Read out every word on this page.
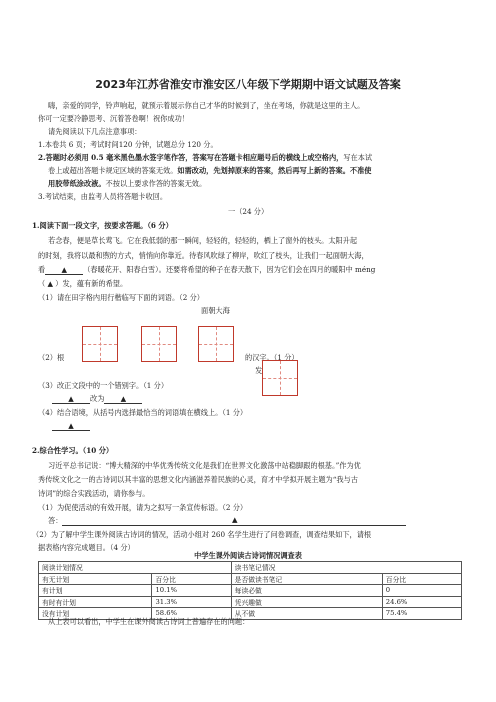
2023年江苏省淮安市淮安区八年级下学期期中语文试题及答案
嗨，亲爱的同学，铃声响起，就预示着展示你自己才华的时候到了，坐在考场，你就是这里的主人。
你可一定要冷静思考、沉着答卷啊！祝你成功！
请先阅读以下几点注意事项：
1.本卷共 6 页；考试时间120 分钟，试题总分 120 分。
2.答题时必须用 0.5 毫米黑色墨水签字笔作答，答案写在答题卡相应题号后的横线上或空格内，写在本试
卷上或超出答题卡规定区域的答案无效。如需改动，先划掉原来的答案，然后再写上新的答案。不准使
用胶带纸涂改液。不按以上要求作答的答案无效。
3.考试结束，由监考人员将答题卡收回。
一（24 分）
1.阅读下面一段文字，按要求答题。（6 分）
若念春，便是草长莺飞。它在我低弱的那一瞬间，轻轻的，轻轻的，栖上了窗外的枝头。太阳升起
的时刻，我将以最和煦的方式，悄悄向你靠近。待春风吹绿了柳岸，吹红了枝头，让我们一起面朝大海，
看 ▲ （春暖花开、阳春白雪）。还要将希望的种子在春天散下，因为它们会在四月的暖阳中 méng
（ ▲ ）发，蕴有新的希望。
（1）请在田字格内用行楷临写下面的词语。（2 分）
面朝大海
（2）根	的汉字。（1 分）
发
（3）改正文段中的一个错别字。（1 分）
▲ 改为 ▲
（4）结合语境，从括号内选择最恰当的词语填在横线上。（1 分）
▲
2.综合性学习。（10 分）
习近平总书记说：“博大精深的中华优秀传统文化是我们在世界文化激荡中站稳脚跟的根基。”作为优
秀传统文化之一的古诗词以其丰富的思想文化内涵滋养着民族的心灵，育才中学拟开展主题为“我与古
诗词”的综合实践活动，请你参与。
（1）为促使活动的有效开展，请为之拟写一条宣传标语。（2 分）
答：	▲
（2）为了解中学生课外阅读古诗词的情况，活动小组对 260 名学生进行了问卷调查，调查结果如下，请根
据表格内容完成题目。（4 分）
中学生课外阅读古诗词情况调查表
阅读计划情况		读书笔记情况	
有无计划	百分比	是否做读书笔记	百分比
有计划	10.1%	每读必做	0
有时有计划	31.3%	凭兴趣做	24.6%
没有计划	58.6%	从不做	75.4%
从上表可以看出，中学生在课外阅读古诗词上普遍存在的问题：
